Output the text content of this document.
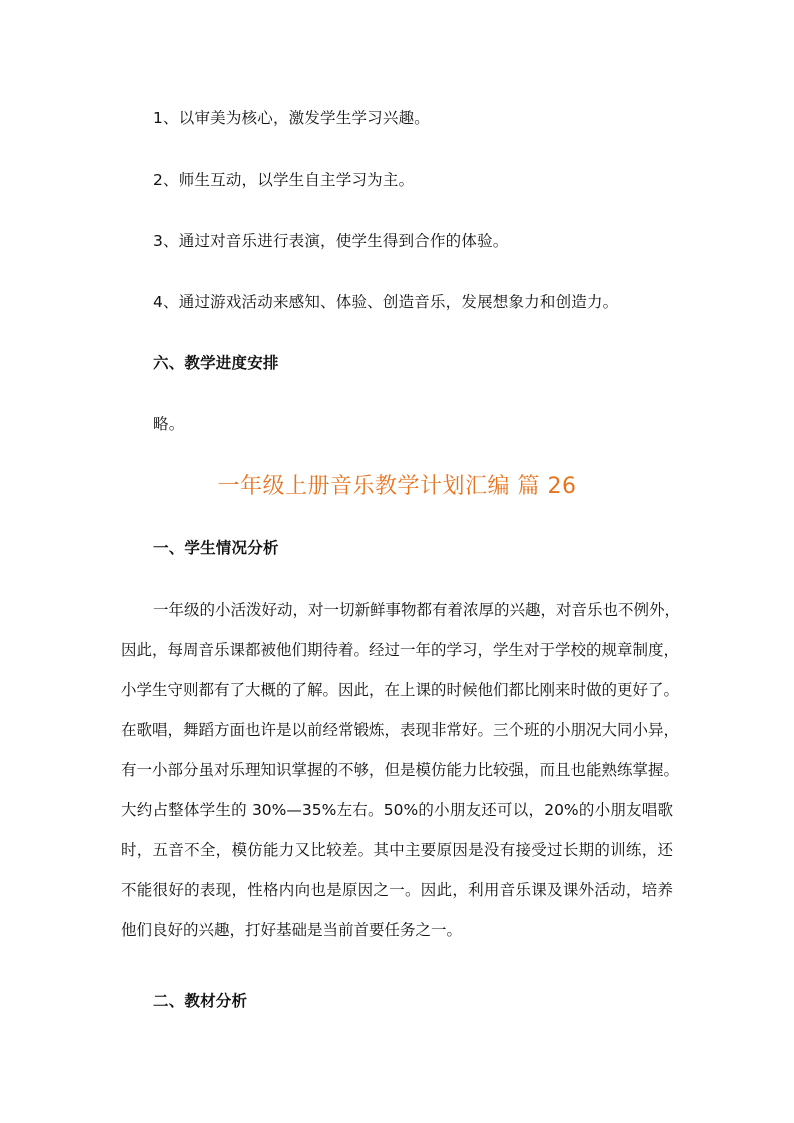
1、以审美为核心，激发学生学习兴趣。
2、师生互动，以学生自主学习为主。
3、通过对音乐进行表演，使学生得到合作的体验。
4、通过游戏活动来感知、体验、创造音乐，发展想象力和创造力。
六、教学进度安排
略。
一年级上册音乐教学计划汇编 篇 26
一、学生情况分析
一年级的小活泼好动，对一切新鲜事物都有着浓厚的兴趣，对音乐也不例外，
因此，每周音乐课都被他们期待着。经过一年的学习，学生对于学校的规章制度，
小学生守则都有了大概的了解。因此，在上课的时候他们都比刚来时做的更好了。
在歌唱，舞蹈方面也许是以前经常锻炼，表现非常好。三个班的小朋况大同小异，
有一小部分虽对乐理知识掌握的不够，但是模仿能力比较强，而且也能熟练掌握。
大约占整体学生的 30%—35%左右。50%的小朋友还可以，20%的小朋友唱歌
时，五音不全，模仿能力又比较差。其中主要原因是没有接受过长期的训练，还
不能很好的表现，性格内向也是原因之一。因此，利用音乐课及课外活动，培养
他们良好的兴趣，打好基础是当前首要任务之一。
二、教材分析
